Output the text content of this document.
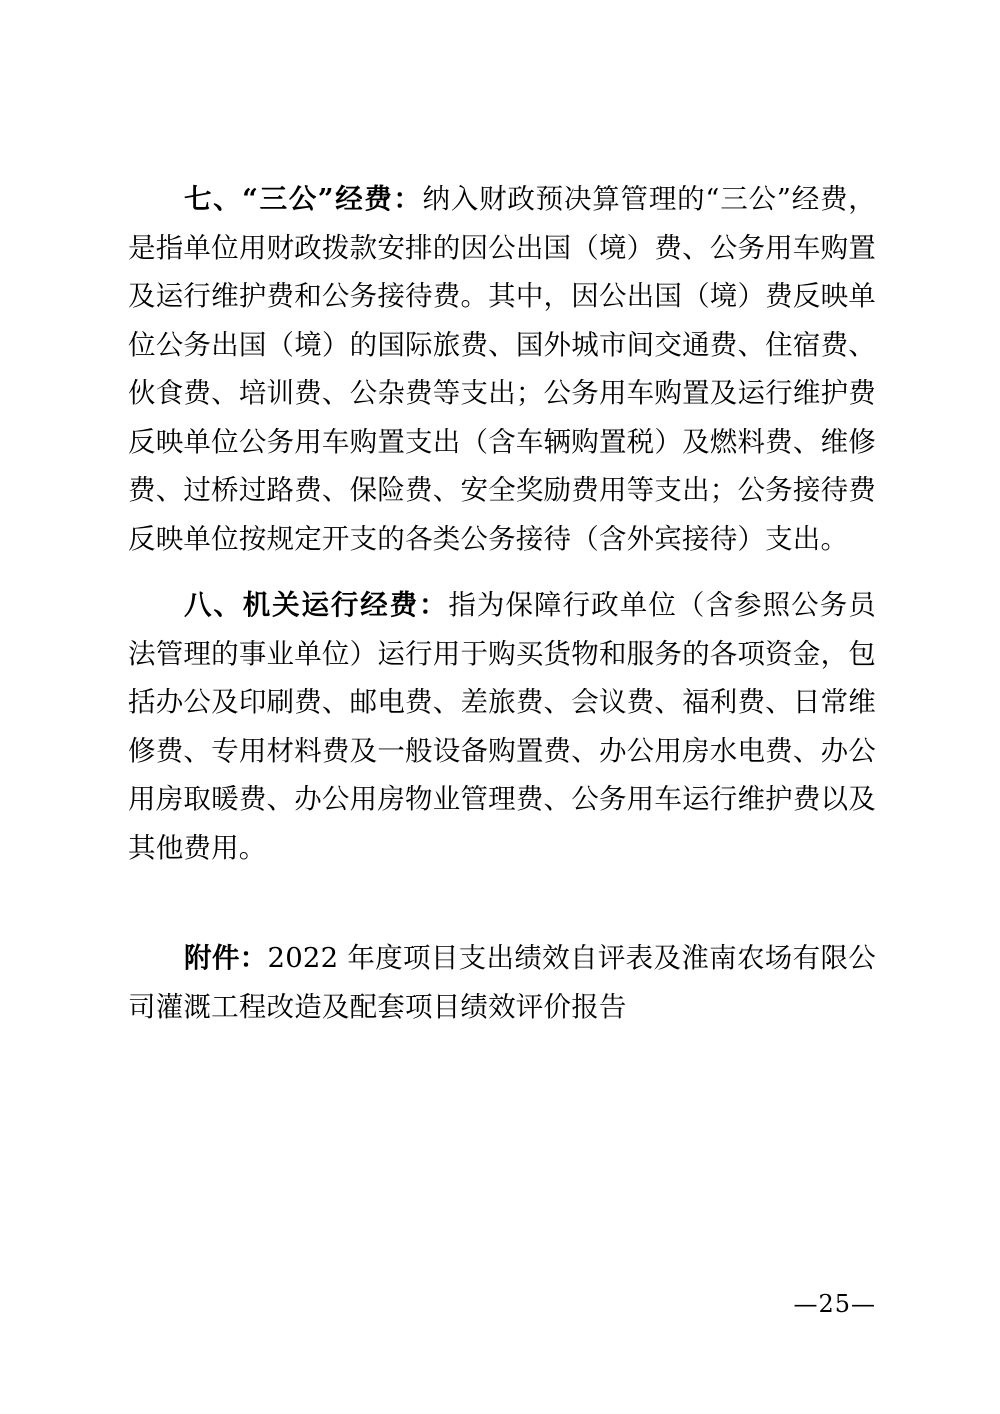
七、“三公”经费：纳入财政预决算管理的“三公”经费，是指单位用财政拨款安排的因公出国（境）费、公务用车购置及运行维护费和公务接待费。其中，因公出国（境）费反映单位公务出国（境）的国际旅费、国外城市间交通费、住宿费、伙食费、培训费、公杂费等支出；公务用车购置及运行维护费反映单位公务用车购置支出（含车辆购置税）及燃料费、维修费、过桥过路费、保险费、安全奖励费用等支出；公务接待费反映单位按规定开支的各类公务接待（含外宾接待）支出。

八、机关运行经费：指为保障行政单位（含参照公务员法管理的事业单位）运行用于购买货物和服务的各项资金，包括办公及印刷费、邮电费、差旅费、会议费、福利费、日常维修费、专用材料费及一般设备购置费、办公用房水电费、办公用房取暖费、办公用房物业管理费、公务用车运行维护费以及其他费用。

附件：2022 年度项目支出绩效自评表及淮南农场有限公司灌溉工程改造及配套项目绩效评价报告

—25—
